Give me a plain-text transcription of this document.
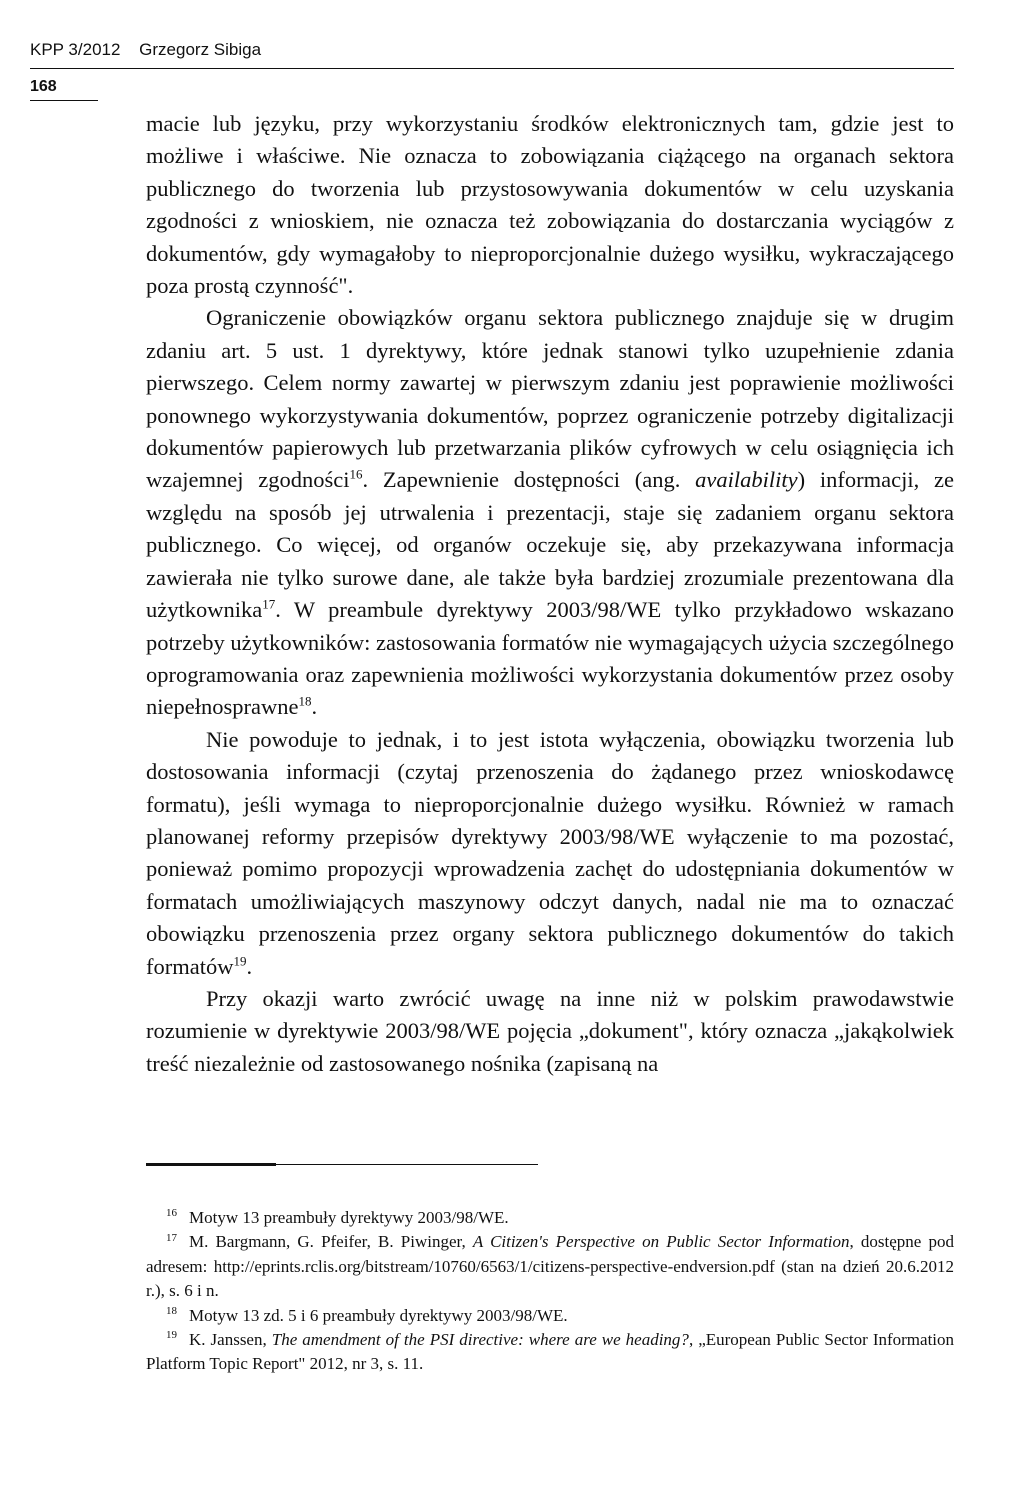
KPP 3/2012 Grzegorz Sibiga
168

macie lub języku, przy wykorzystaniu środków elektronicznych tam, gdzie jest to możliwe i właściwe. Nie oznacza to zobowiązania ciążącego na organach sektora publicznego do tworzenia lub przystosowywania dokumentów w celu uzyskania zgodności z wnioskiem, nie oznacza też zobowiązania do dostarczania wyciągów z dokumentów, gdy wymagałoby to nieproporcjonalnie dużego wysiłku, wykraczającego poza prostą czynność".

Ograniczenie obowiązków organu sektora publicznego znajduje się w drugim zdaniu art. 5 ust. 1 dyrektywy, które jednak stanowi tylko uzupełnienie zdania pierwszego. Celem normy zawartej w pierwszym zdaniu jest poprawienie możliwości ponownego wykorzystywania dokumentów, poprzez ograniczenie potrzeby digitalizacji dokumentów papierowych lub przetwarzania plików cyfrowych w celu osiągnięcia ich wzajemnej zgodności$^{16}$. Zapewnienie dostępności (ang. availability) informacji, ze względu na sposób jej utrwalenia i prezentacji, staje się zadaniem organu sektora publicznego. Co więcej, od organów oczekuje się, aby przekazywana informacja zawierała nie tylko surowe dane, ale także była bardziej zrozumiale prezentowana dla użytkownika$^{17}$. W preambule dyrektywy 2003/98/WE tylko przykładowo wskazano potrzeby użytkowników: zastosowania formatów nie wymagających użycia szczególnego oprogramowania oraz zapewnienia możliwości wykorzystania dokumentów przez osoby niepełnosprawne$^{18}$.

Nie powoduje to jednak, i to jest istota wyłączenia, obowiązku tworzenia lub dostosowania informacji (czytaj przenoszenia do żądanego przez wnioskodawcę formatu), jeśli wymaga to nieproporcjonalnie dużego wysiłku. Również w ramach planowanej reformy przepisów dyrektywy 2003/98/WE wyłączenie to ma pozostać, ponieważ pomimo propozycji wprowadzenia zachęt do udostępniania dokumentów w formatach umożliwiających maszynowy odczyt danych, nadal nie ma to oznaczać obowiązku przenoszenia przez organy sektora publicznego dokumentów do takich formatów$^{19}$.

Przy okazji warto zwrócić uwagę na inne niż w polskim prawodawstwie rozumienie w dyrektywie 2003/98/WE pojęcia „dokument", który oznacza „jakąkolwiek treść niezależnie od zastosowanego nośnika (zapisaną na

$^{16}$ Motyw 13 preambuły dyrektywy 2003/98/WE.

$^{17}$ M. Bargmann, G. Pfeifer, B. Piwinger, A Citizen's Perspective on Public Sector Information, dostępne pod adresem: http://eprints.rclis.org/bitstream/10760/6563/1/citizens-perspective-endversion.pdf (stan na dzień 20.6.2012 r.), s. 6 i n.

$^{18}$ Motyw 13 zd. 5 i 6 preambuły dyrektywy 2003/98/WE.

$^{19}$ K. Janssen, The amendment of the PSI directive: where are we heading?, „European Public Sector Information Platform Topic Report" 2012, nr 3, s. 11.
